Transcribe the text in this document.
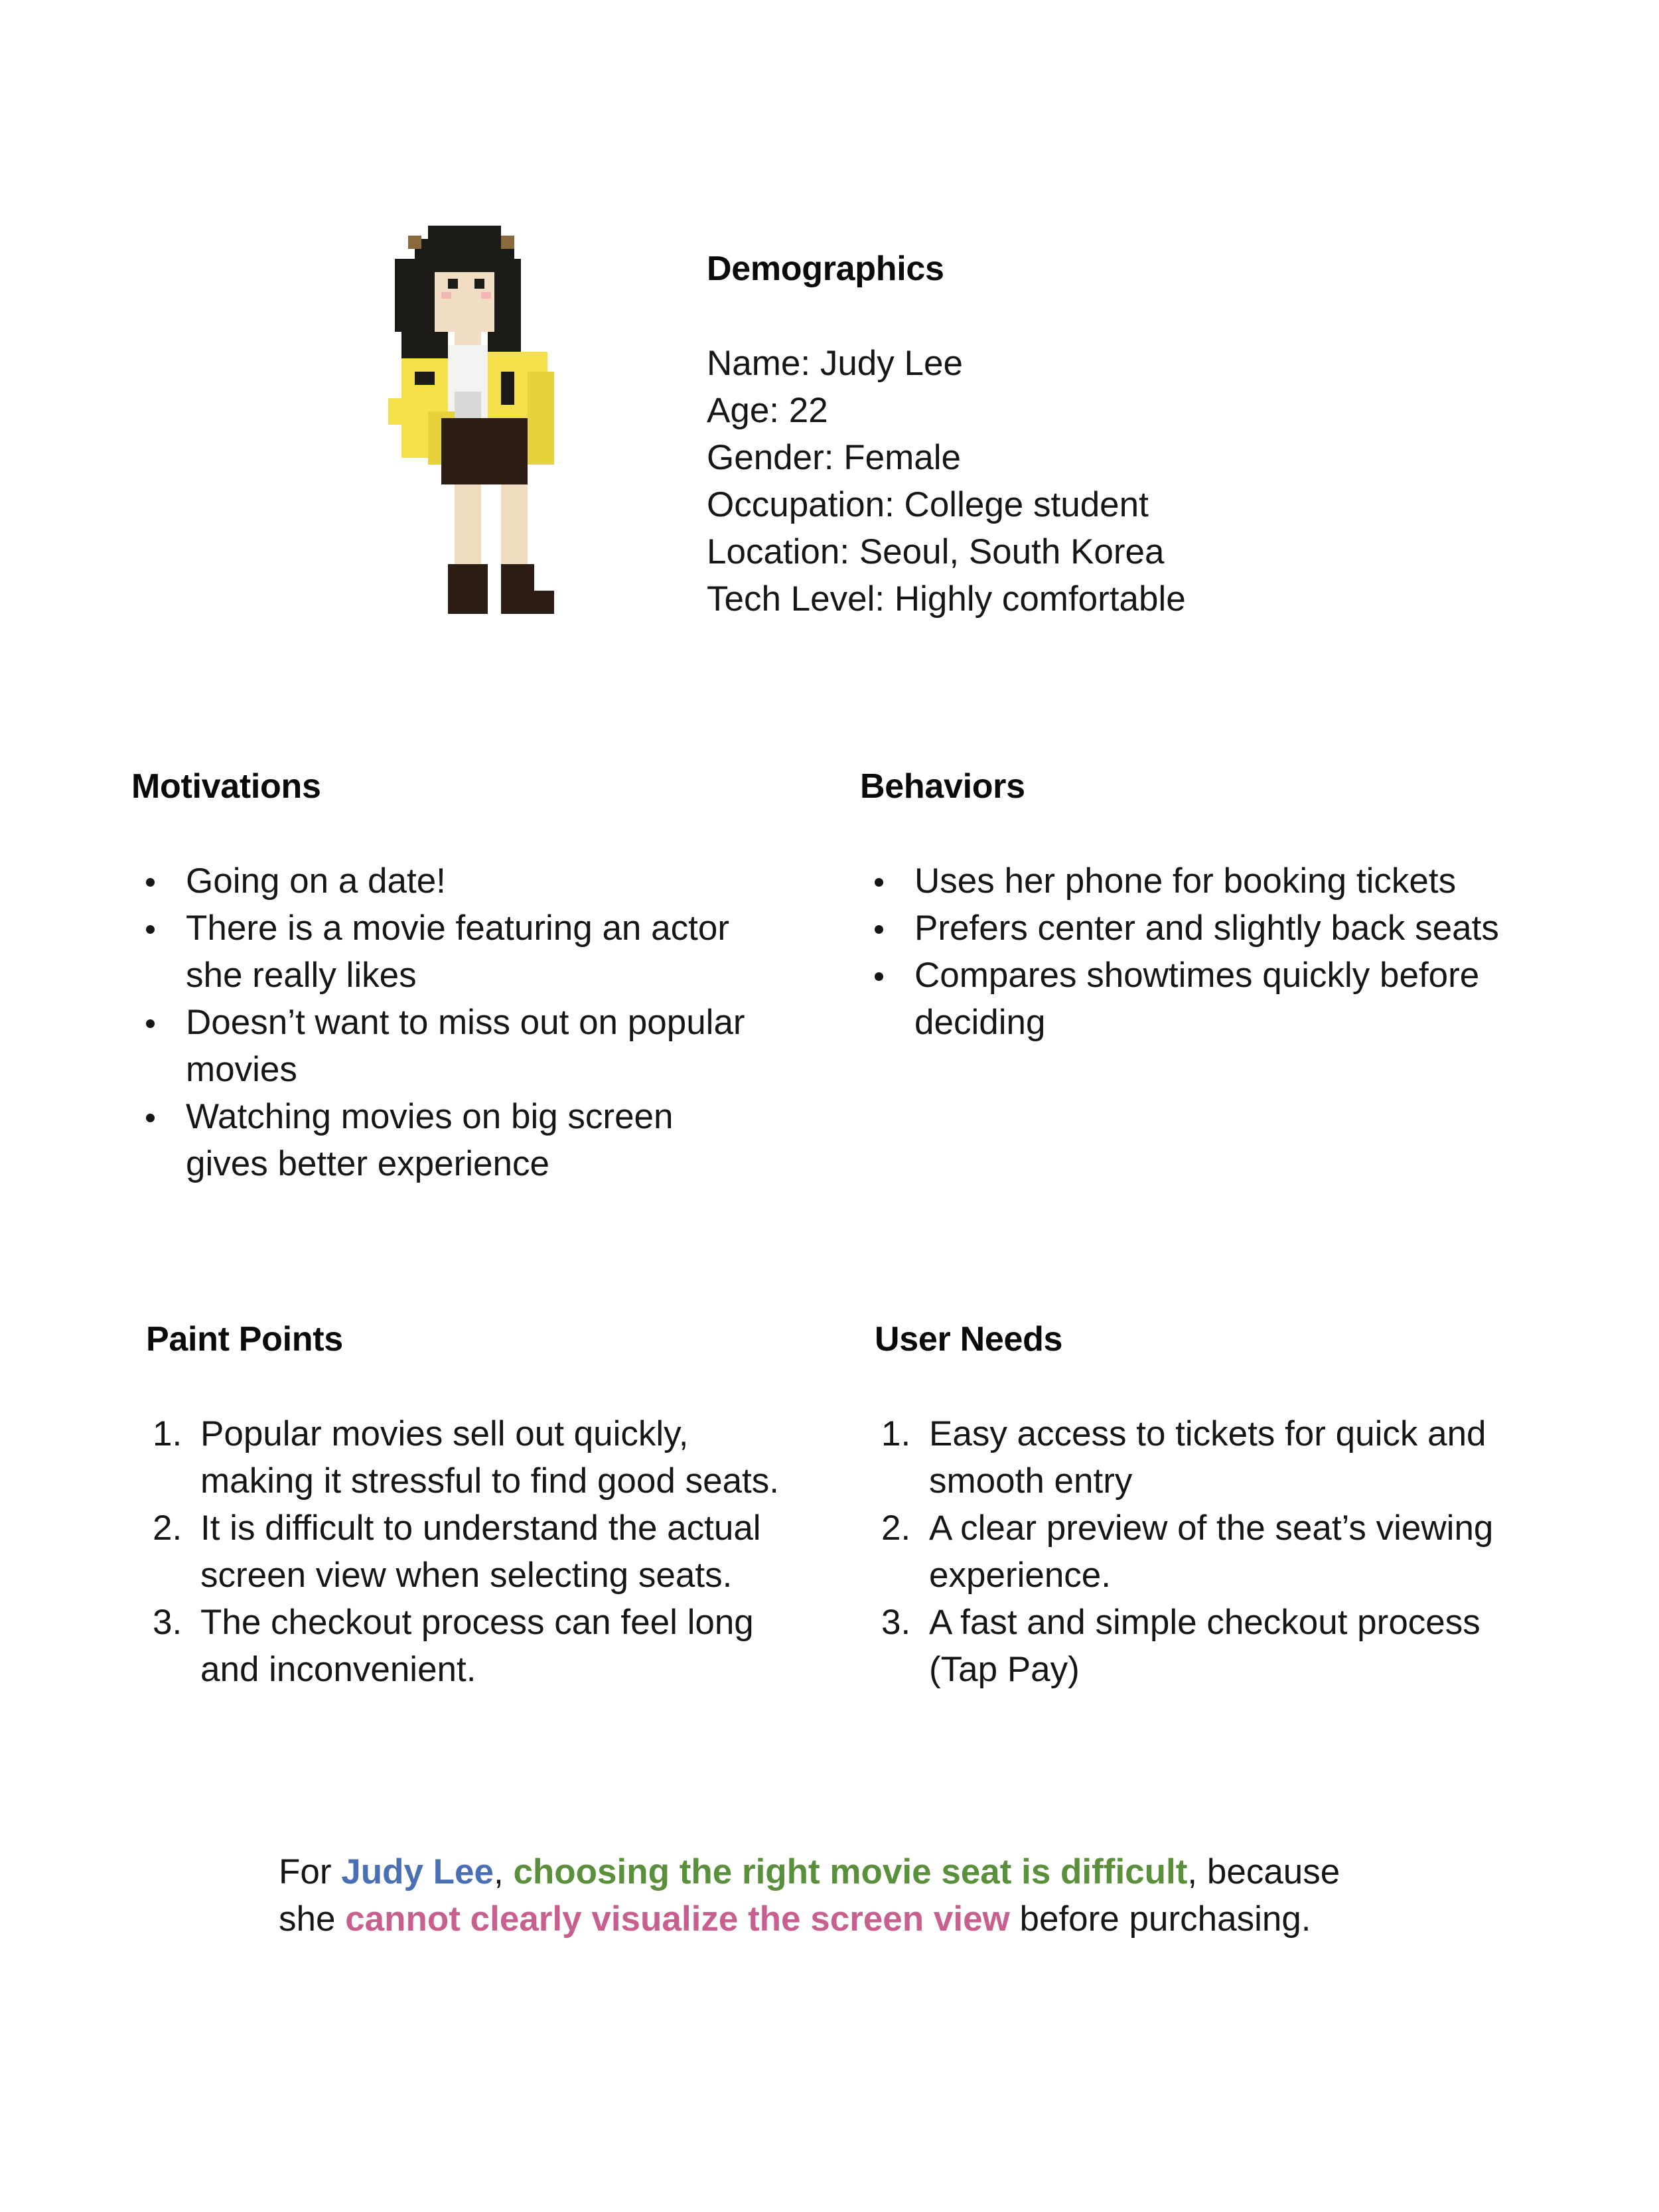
Demographics
Name: Judy Lee
Age: 22
Gender: Female
Occupation: College student
Location: Seoul, South Korea
Tech Level: Highly comfortable
Motivations
Going on a date!
There is a movie featuring an actor
she really likes
Doesn’t want to miss out on popular
movies
Watching movies on big screen
gives better experience
Behaviors
Uses her phone for booking tickets
Prefers center and slightly back seats
Compares showtimes quickly before
deciding
Paint Points
1. Popular movies sell out quickly,
making it stressful to find good seats.
2. It is difficult to understand the actual
screen view when selecting seats.
3. The checkout process can feel long
and inconvenient.
User Needs
1. Easy access to tickets for quick and
smooth entry
2. A clear preview of the seat’s viewing
experience.
3. A fast and simple checkout process
(Tap Pay)
For Judy Lee, choosing the right movie seat is difficult, because
she cannot clearly visualize the screen view before purchasing.
